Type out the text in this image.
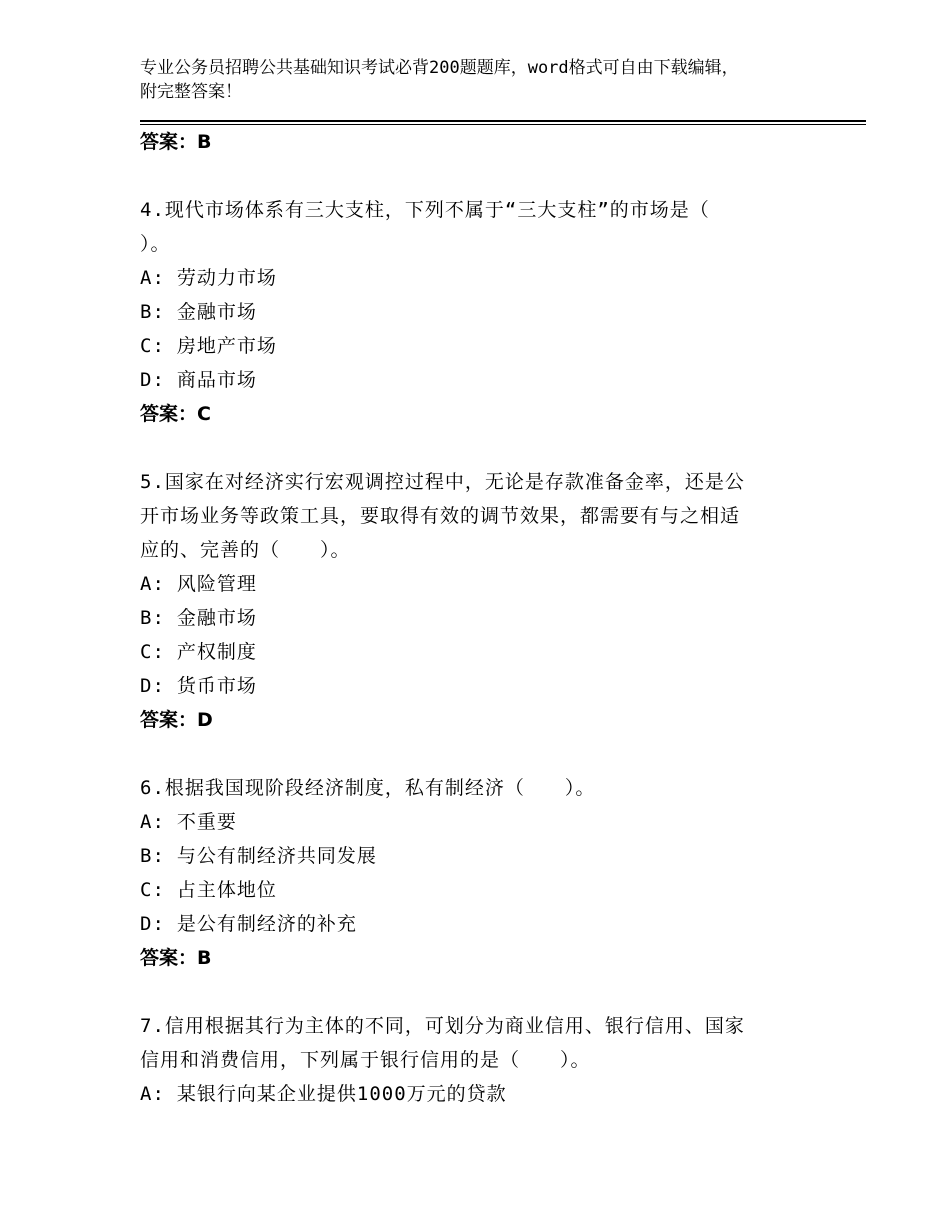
专业公务员招聘公共基础知识考试必背200题题库，word格式可自由下载编辑，
附完整答案！
答案：B
4.现代市场体系有三大支柱，下列不属于“三大支柱”的市场是（
）。
A: 劳动力市场
B: 金融市场
C: 房地产市场
D: 商品市场
答案：C
5.国家在对经济实行宏观调控过程中，无论是存款准备金率，还是公
开市场业务等政策工具，要取得有效的调节效果，都需要有与之相适
应的、完善的（　　）。
A: 风险管理
B: 金融市场
C: 产权制度
D: 货币市场
答案：D
6.根据我国现阶段经济制度，私有制经济（　　）。
A: 不重要
B: 与公有制经济共同发展
C: 占主体地位
D: 是公有制经济的补充
答案：B
7.信用根据其行为主体的不同，可划分为商业信用、银行信用、国家
信用和消费信用，下列属于银行信用的是（　　）。
A: 某银行向某企业提供1000万元的贷款
